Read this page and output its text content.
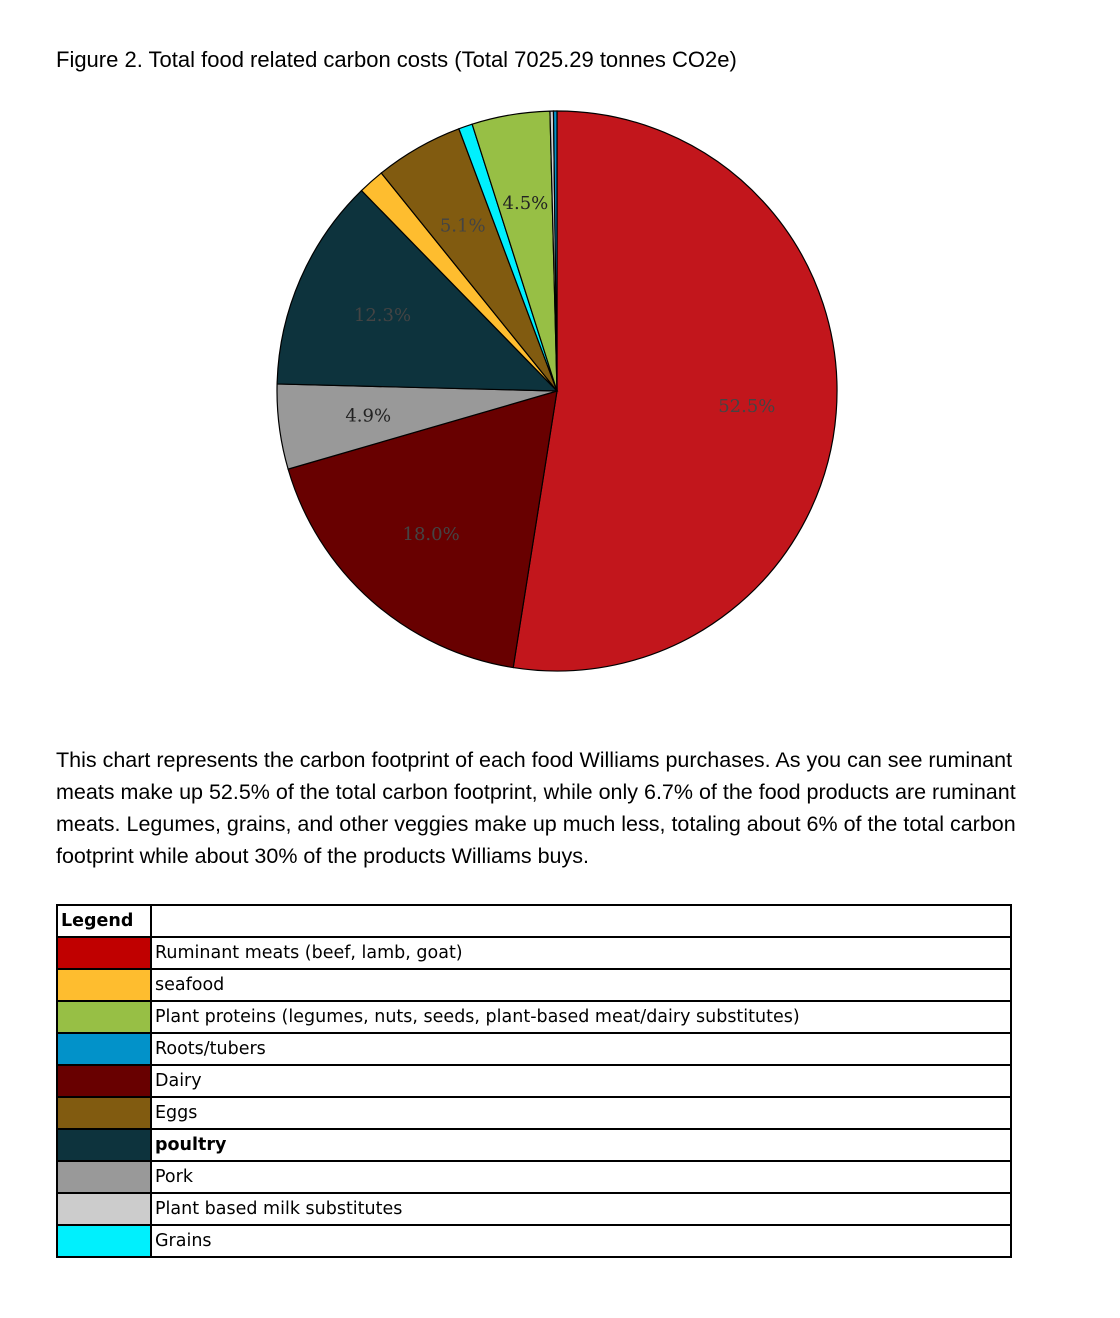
Figure 2. Total food related carbon costs (Total 7025.29 tonnes CO2e)
52.5%
18.0%
4.9%
12.3%
5.1%
4.5%
This chart represents the carbon footprint of each food Williams purchases. As you can see ruminant meats make up 52.5% of the total carbon footprint, while only 6.7% of the food products are ruminant meats. Legumes, grains, and other veggies make up much less, totaling about 6% of the total carbon footprint while about 30% of the products Williams buys.
Legend	
	Ruminant meats (beef, lamb, goat)
	seafood
	Plant proteins (legumes, nuts, seeds, plant-based meat/dairy substitutes)
	Roots/tubers
	Dairy
	Eggs
	poultry
	Pork
	Plant based milk substitutes
	Grains
